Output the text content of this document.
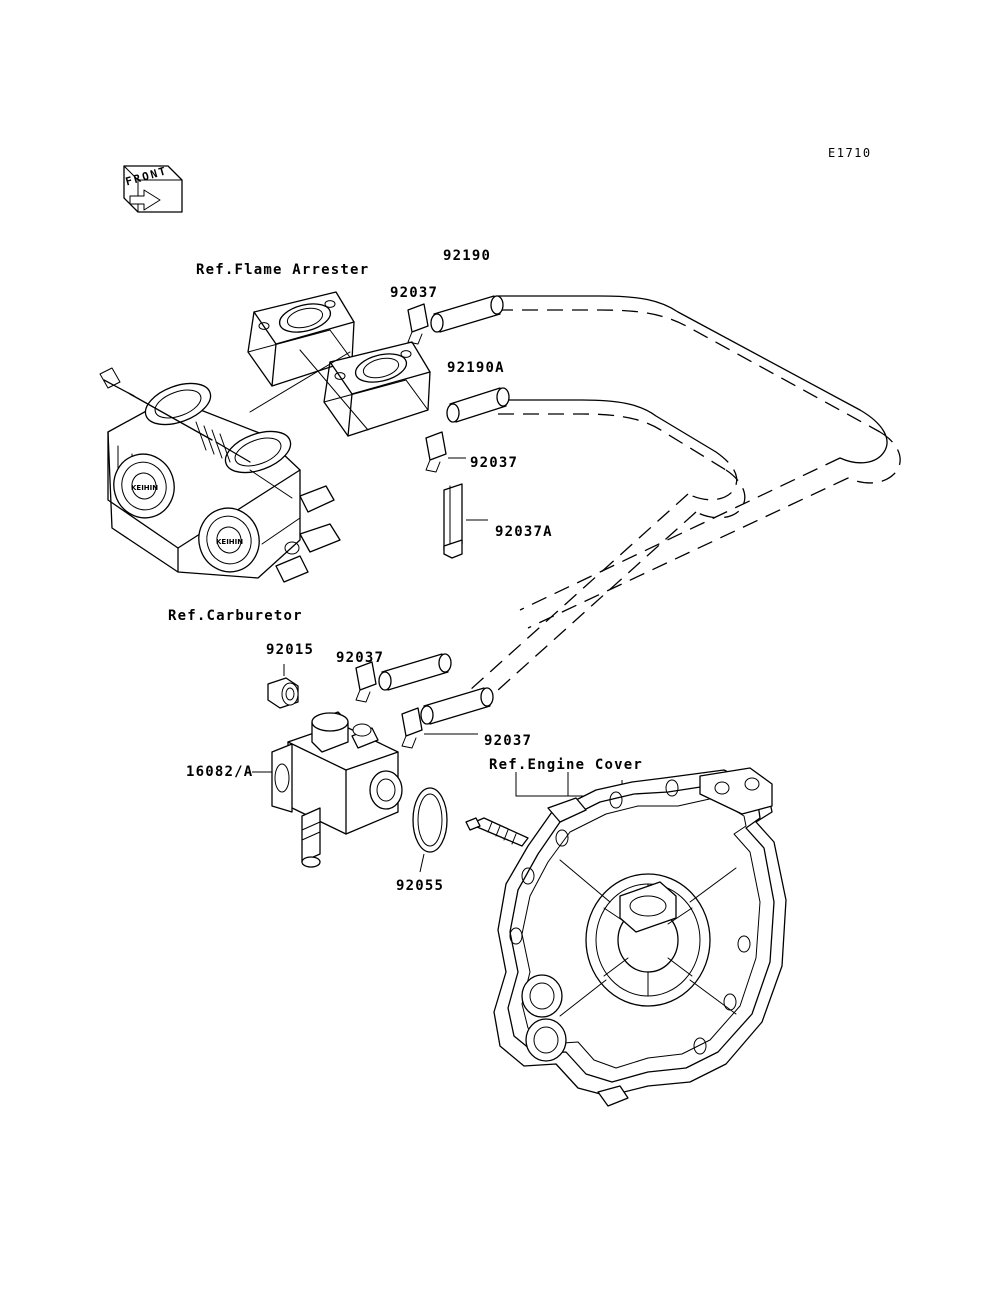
KEIHIN
KEIHIN
E1710
Ref.Flame Arrester
92190
92037
92190A
92037
92037A
Ref.Carburetor
92015 92037
92037
Ref.Engine Cover
16082/A
92055
FRONT
